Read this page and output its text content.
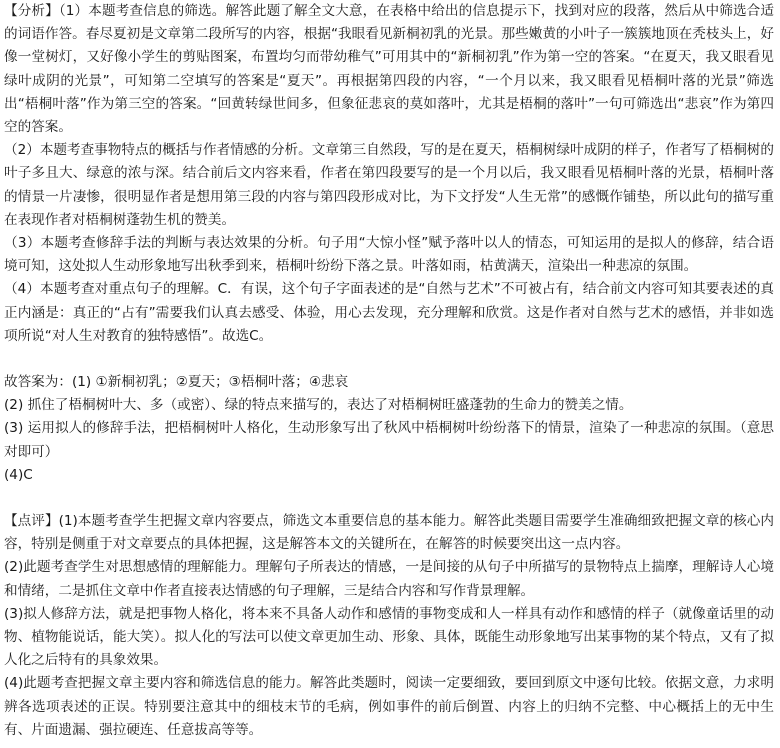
【分析】（1）本题考查信息的筛选。解答此题了解全文大意，在表格中给出的信息提示下，找到对应的段落，然后从中筛选合适的词语作答。春尽夏初是文章第二段所写的内容，根据“我眼看见新桐初乳的光景。那些嫩黄的小叶子一簇簇地顶在秃枝头上，好像一堂树灯，又好像小学生的剪贴图案，布置均匀而带幼稚气”可用其中的“新桐初乳”作为第一空的答案。“在夏天，我又眼看见绿叶成阴的光景”，可知第二空填写的答案是“夏天”。再根据第四段的内容，“一个月以来，我又眼看见梧桐叶落的光景”筛选出“梧桐叶落”作为第三空的答案。“回黄转绿世间多，但象征悲哀的莫如落叶，尤其是梧桐的落叶”一句可筛选出“悲哀”作为第四空的答案。

（2）本题考查事物特点的概括与作者情感的分析。文章第三自然段，写的是在夏天，梧桐树绿叶成阴的样子，作者写了梧桐树的叶子多且大、绿意的浓与深。结合前后文内容来看，作者在第四段要写的是一个月以后，我又眼看见梧桐叶落的光景，梧桐叶落的情景一片凄惨，很明显作者是想用第三段的内容与第四段形成对比，为下文抒发“人生无常”的感慨作铺垫，所以此句的描写重在表现作者对梧桐树蓬勃生机的赞美。

（3）本题考查修辞手法的判断与表达效果的分析。句子用“大惊小怪”赋予落叶以人的情态，可知运用的是拟人的修辞，结合语境可知，这处拟人生动形象地写出秋季到来，梧桐叶纷纷下落之景。叶落如雨，枯黄满天，渲染出一种悲凉的氛围。

（4）本题考查对重点句子的理解。C．有误，这个句子字面表述的是“自然与艺术”不可被占有，结合前文内容可知其要表述的真正内涵是：真正的“占有”需要我们认真去感受、体验，用心去发现，充分理解和欣赏。这是作者对自然与艺术的感悟，并非如选项所说“对人生对教育的独特感悟”。故选C。

故答案为：(1) ①新桐初乳；②夏天；③梧桐叶落；④悲哀

(2) 抓住了梧桐树叶大、多（或密）、绿的特点来描写的，表达了对梧桐树旺盛蓬勃的生命力的赞美之情。

(3) 运用拟人的修辞手法，把梧桐树叶人格化，生动形象写出了秋风中梧桐树叶纷纷落下的情景，渲染了一种悲凉的氛围。（意思对即可）

(4)C

【点评】(1)本题考查学生把握文章内容要点，筛选文本重要信息的基本能力。解答此类题目需要学生准确细致把握文章的核心内容，特别是侧重于对文章要点的具体把握，这是解答本文的关键所在，在解答的时候要突出这一点内容。

(2)此题考查学生对思想感情的理解能力。理解句子所表达的情感，一是间接的从句子中所描写的景物特点上揣摩，理解诗人心境和情绪，二是抓住文章中作者直接表达情感的句子理解，三是结合内容和写作背景理解。

(3)拟人修辞方法，就是把事物人格化，将本来不具备人动作和感情的事物变成和人一样具有动作和感情的样子（就像童话里的动物、植物能说话，能大笑）。拟人化的写法可以使文章更加生动、形象、具体，既能生动形象地写出某事物的某个特点，又有了拟人化之后特有的具象效果。

(4)此题考查把握文章主要内容和筛选信息的能力。解答此类题时，阅读一定要细致，要回到原文中逐句比较。依据文意，力求明辨各选项表述的正误。特别要注意其中的细枝末节的毛病，例如事件的前后倒置、内容上的归纳不完整、中心概括上的无中生有、片面遗漏、强拉硬连、任意拔高等等。
